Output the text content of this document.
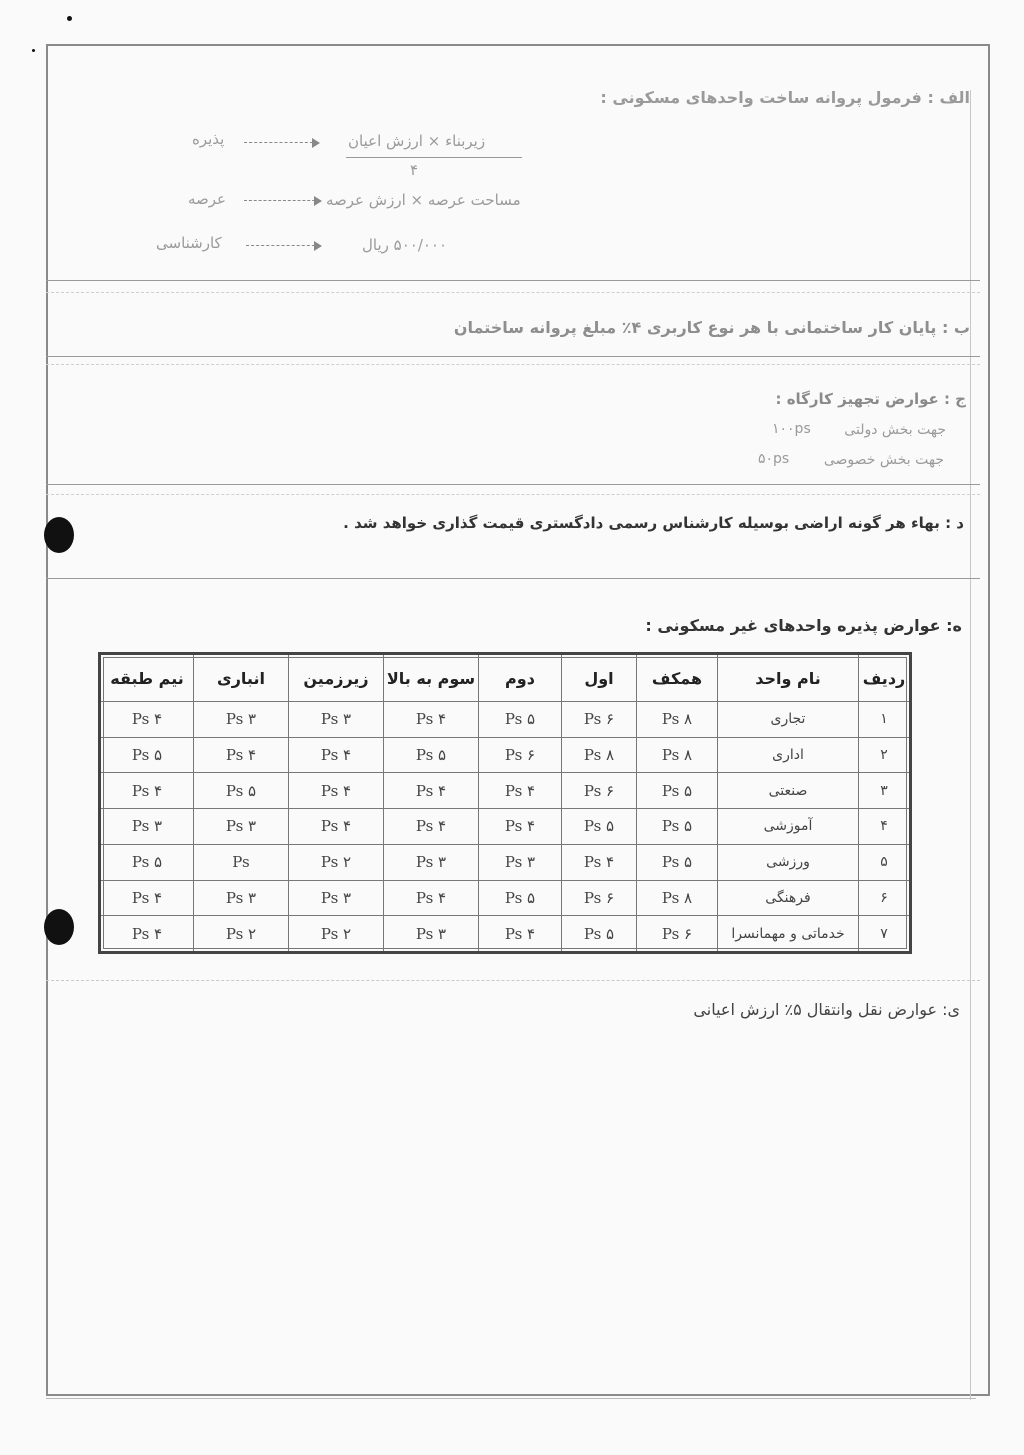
الف : فرمول پروانه ساخت واحدهای مسکونی :
پذیره	زیربناء × ارزش اعیان
۴
عرصه	مساحت عرصه × ارزش عرصه
کارشناسی	۵۰۰/۰۰۰ ریال
ب : پایان کار ساختمانی با هر نوع کاربری ۴٪ مبلغ پروانه ساختمان
ج : عوارض تجهیز کارگاه :
جهت بخش دولتی
۱۰۰ps
جهت بخش خصوصی
۵۰ps
د : بهاء هر گونه اراضی بوسیله کارشناس رسمی دادگستری قیمت گذاری خواهد شد .
ه: عوارض پذیره واحدهای غیر مسکونی :
ردیف	نام واحد	همکف	اول	دوم	سوم به بالا	زیرزمین	انباری	نیم طبقه
۱	تجاری	۸ Ps	۶ Ps	۵ Ps	۴ Ps	۳ Ps	۳ Ps	۴ Ps
۲	اداری	۸ Ps	۸ Ps	۶ Ps	۵ Ps	۴ Ps	۴ Ps	۵ Ps
۳	صنعتی	۵ Ps	۶ Ps	۴ Ps	۴ Ps	۴ Ps	۵ Ps	۴ Ps
۴	آموزشی	۵ Ps	۵ Ps	۴ Ps	۴ Ps	۴ Ps	۳ Ps	۳ Ps
۵	ورزشی	۵ Ps	۴ Ps	۳ Ps	۳ Ps	۲ Ps	Ps	۵ Ps
۶	فرهنگی	۸ Ps	۶ Ps	۵ Ps	۴ Ps	۳ Ps	۳ Ps	۴ Ps
۷	خدماتی و مهمانسرا	۶ Ps	۵ Ps	۴ Ps	۳ Ps	۲ Ps	۲ Ps	۴ Ps
ی: عوارض نقل وانتقال ۵٪ ارزش اعیانی
